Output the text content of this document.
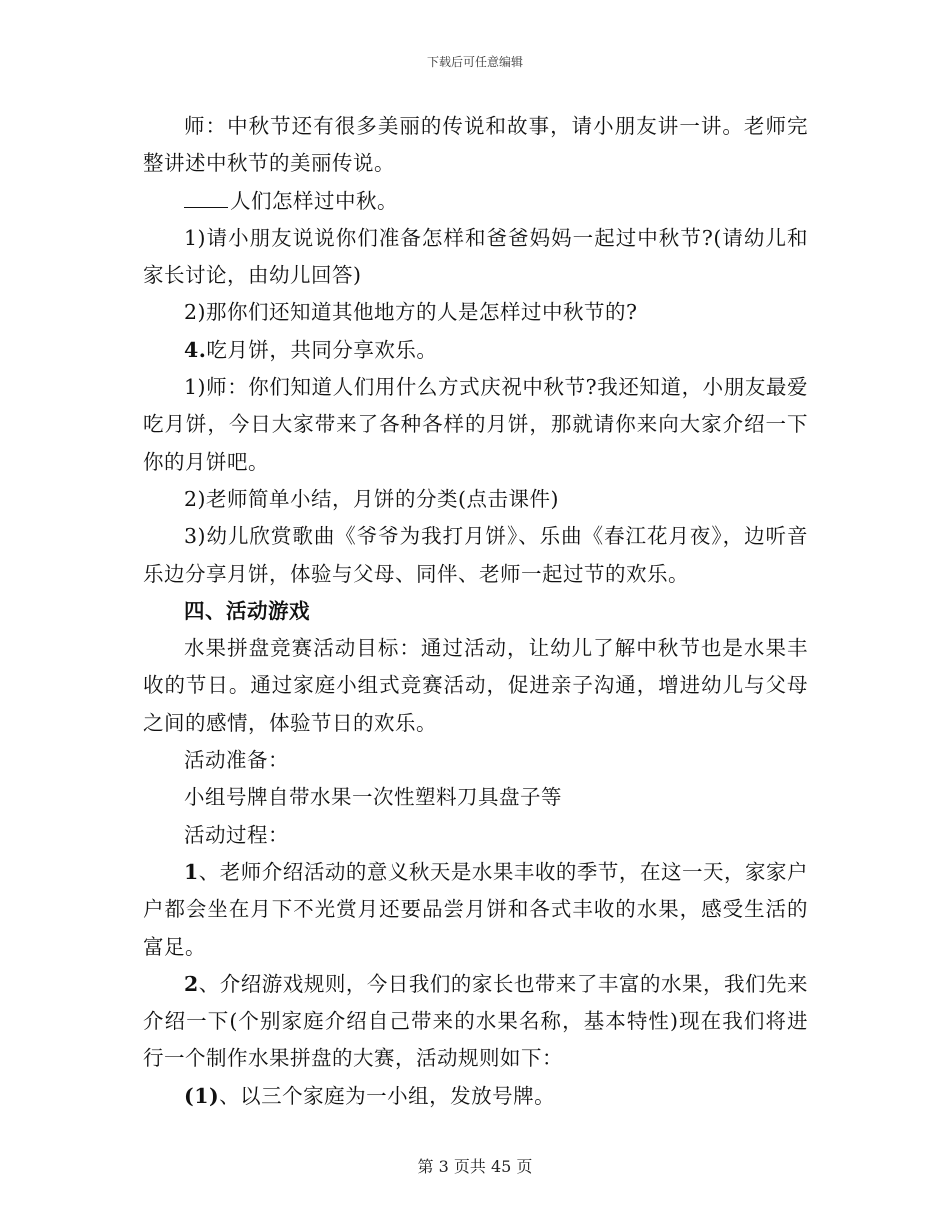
下载后可任意编辑

师：中秋节还有很多美丽的传说和故事，请小朋友讲一讲。老师完整讲述中秋节的美丽传说。

人们怎样过中秋。

1)请小朋友说说你们准备怎样和爸爸妈妈一起过中秋节?(请幼儿和家长讨论，由幼儿回答)

2)那你们还知道其他地方的人是怎样过中秋节的?

4.吃月饼，共同分享欢乐。

1)师：你们知道人们用什么方式庆祝中秋节?我还知道，小朋友最爱吃月饼，今日大家带来了各种各样的月饼，那就请你来向大家介绍一下你的月饼吧。

2)老师简单小结，月饼的分类(点击课件)

3)幼儿欣赏歌曲《爷爷为我打月饼》、乐曲《春江花月夜》，边听音乐边分享月饼，体验与父母、同伴、老师一起过节的欢乐。

四、活动游戏

水果拼盘竞赛活动目标：通过活动，让幼儿了解中秋节也是水果丰收的节日。通过家庭小组式竞赛活动，促进亲子沟通，增进幼儿与父母之间的感情，体验节日的欢乐。

活动准备：

小组号牌自带水果一次性塑料刀具盘子等

活动过程：

1、老师介绍活动的意义秋天是水果丰收的季节，在这一天，家家户户都会坐在月下不光赏月还要品尝月饼和各式丰收的水果，感受生活的富足。

2、介绍游戏规则，今日我们的家长也带来了丰富的水果，我们先来介绍一下(个别家庭介绍自己带来的水果名称，基本特性)现在我们将进行一个制作水果拼盘的大赛，活动规则如下：

(1)、以三个家庭为一小组，发放号牌。

第 3 页共 45 页
